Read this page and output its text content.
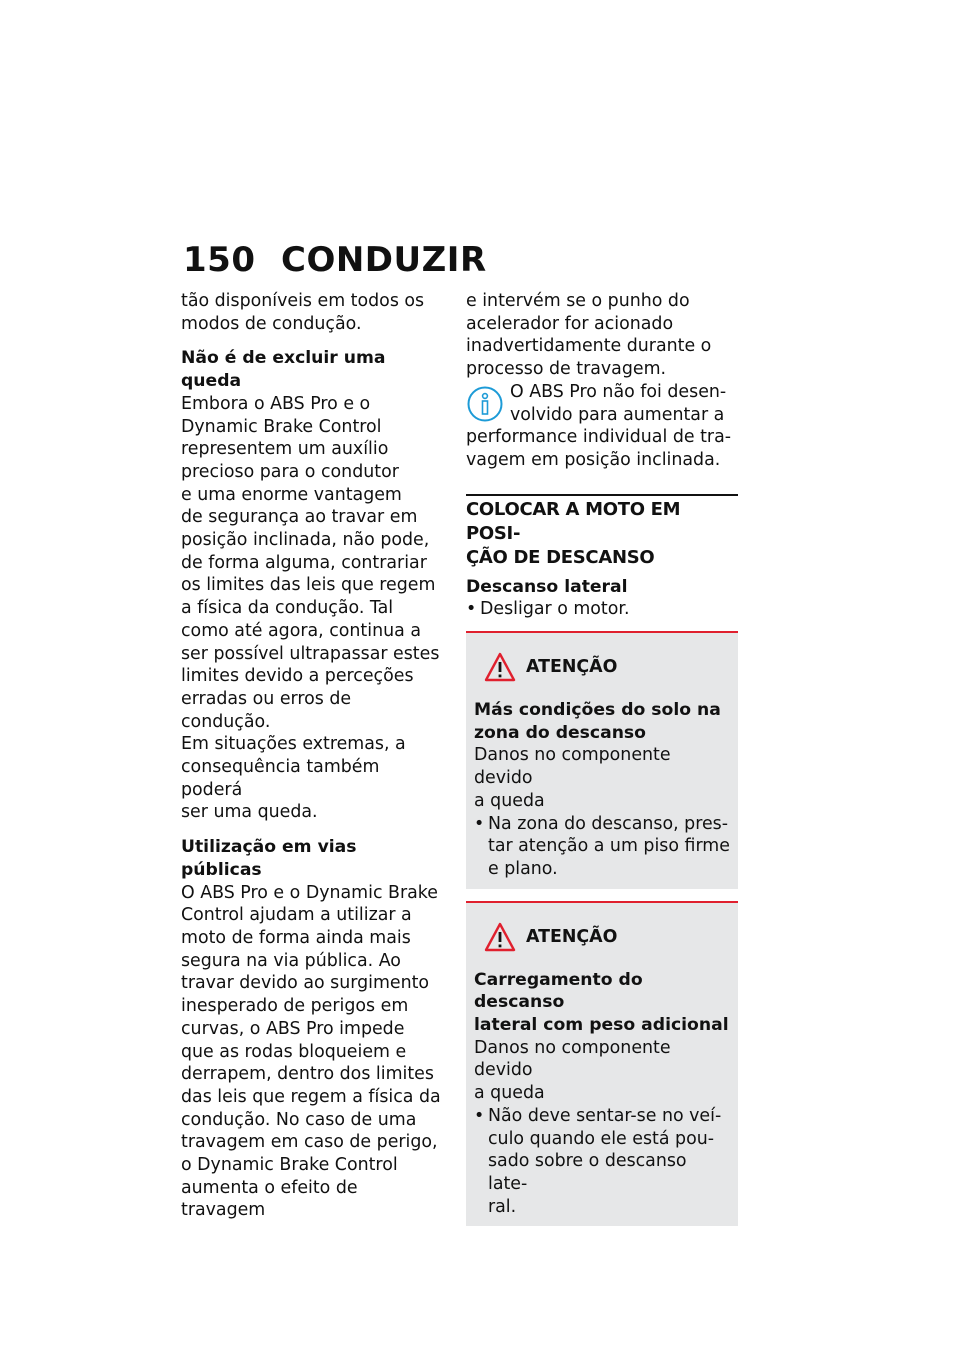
150 CONDUZIR
tão disponíveis em todos os
modos de condução.
Não é de excluir uma queda
Embora o ABS Pro e o
Dynamic Brake Control
representem um auxílio
precioso para o condutor
e uma enorme vantagem
de segurança ao travar em
posição inclinada, não pode,
de forma alguma, contrariar
os limites das leis que regem
a física da condução. Tal
como até agora, continua a
ser possível ultrapassar estes
limites devido a perceções
erradas ou erros de condução.
Em situações extremas, a
consequência também poderá
ser uma queda.
Utilização em vias públicas
O ABS Pro e o Dynamic Brake
Control ajudam a utilizar a
moto de forma ainda mais
segura na via pública. Ao
travar devido ao surgimento
inesperado de perigos em
curvas, o ABS Pro impede
que as rodas bloqueiem e
derrapem, dentro dos limites
das leis que regem a física da
condução. No caso de uma
travagem em caso de perigo,
o Dynamic Brake Control
aumenta o efeito de travagem
e intervém se o punho do
acelerador for acionado
inadvertidamente durante o
processo de travagem.
O ABS Pro não foi desen-
volvido para aumentar a
performance individual de tra-
vagem em posição inclinada.
COLOCAR A MOTO EM POSI-
ÇÃO DE DESCANSO
Descanso lateral
• Desligar o motor.
ATENÇÃO
Más condições do solo na
zona do descanso
Danos no componente devido
a queda
• Na zona do descanso, pres-
tar atenção a um piso firme
e plano.
ATENÇÃO
Carregamento do descanso
lateral com peso adicional
Danos no componente devido
a queda
• Não deve sentar-se no veí-
culo quando ele está pou-
sado sobre o descanso late-
ral.
